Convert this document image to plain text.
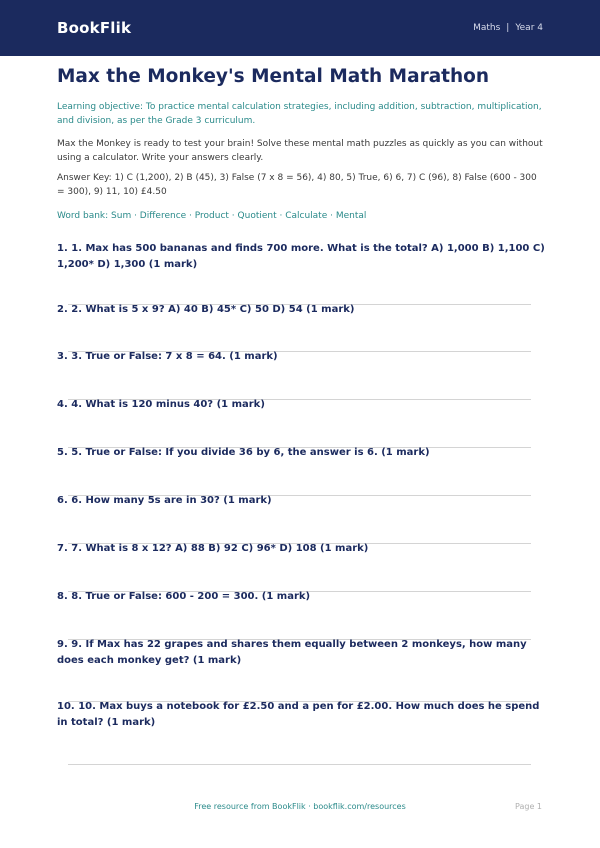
BookFlik	Maths | Year 4
Max the Monkey's Mental Math Marathon

Learning objective: To practice mental calculation strategies, including addition, subtraction, multiplication, and division, as per the Grade 3 curriculum.

Max the Monkey is ready to test your brain! Solve these mental math puzzles as quickly as you can without using a calculator. Write your answers clearly.

Answer Key: 1) C (1,200), 2) B (45), 3) False (7 x 8 = 56), 4) 80, 5) True, 6) 6, 7) C (96), 8) False (600 - 300 = 300), 9) 11, 10) £4.50

Word bank: Sum · Difference · Product · Quotient · Calculate · Mental

1. 1. Max has 500 bananas and finds 700 more. What is the total? A) 1,000 B) 1,100 C) 1,200* D) 1,300 (1 mark)
2. 2. What is 5 x 9? A) 40 B) 45* C) 50 D) 54 (1 mark)
3. 3. True or False: 7 x 8 = 64. (1 mark)
4. 4. What is 120 minus 40? (1 mark)
5. 5. True or False: If you divide 36 by 6, the answer is 6. (1 mark)
6. 6. How many 5s are in 30? (1 mark)
7. 7. What is 8 x 12? A) 88 B) 92 C) 96* D) 108 (1 mark)
8. 8. True or False: 600 - 200 = 300. (1 mark)
9. 9. If Max has 22 grapes and shares them equally between 2 monkeys, how many does each monkey get? (1 mark)
10. 10. Max buys a notebook for £2.50 and a pen for £2.00. How much does he spend in total? (1 mark)
Free resource from BookFlik · bookflik.com/resources	Page 1
